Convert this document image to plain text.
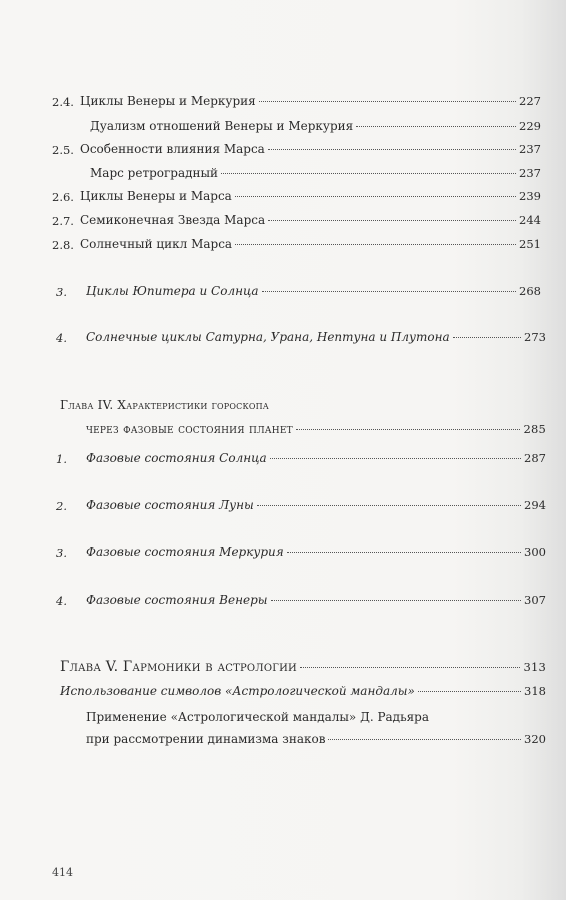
2.4. Циклы Венеры и Меркурия	227
Дуализм отношений Венеры и Меркурия	229
2.5. Особенности влияния Марса	237
Марс ретроградный	237
2.6. Циклы Венеры и Марса	239
2.7. Семиконечная Звезда Марса	244
2.8. Солнечный цикл Марса	251
3. Циклы Юпитера и Солнца	268
4. Солнечные циклы Сатурна, Урана, Нептуна и Плутона	273
Глава IV. Характеристики гороскопа
через фазовые состояния планет	285
1. Фазовые состояния Солнца	287
2. Фазовые состояния Луны	294
3. Фазовые состояния Меркурия	300
4. Фазовые состояния Венеры	307
Глава V. Гармоники в астрологии	313
Использование символов «Астрологической мандалы»	318
Применение «Астрологической мандалы» Д. Радьяра
при рассмотрении динамизма знаков	320
414
